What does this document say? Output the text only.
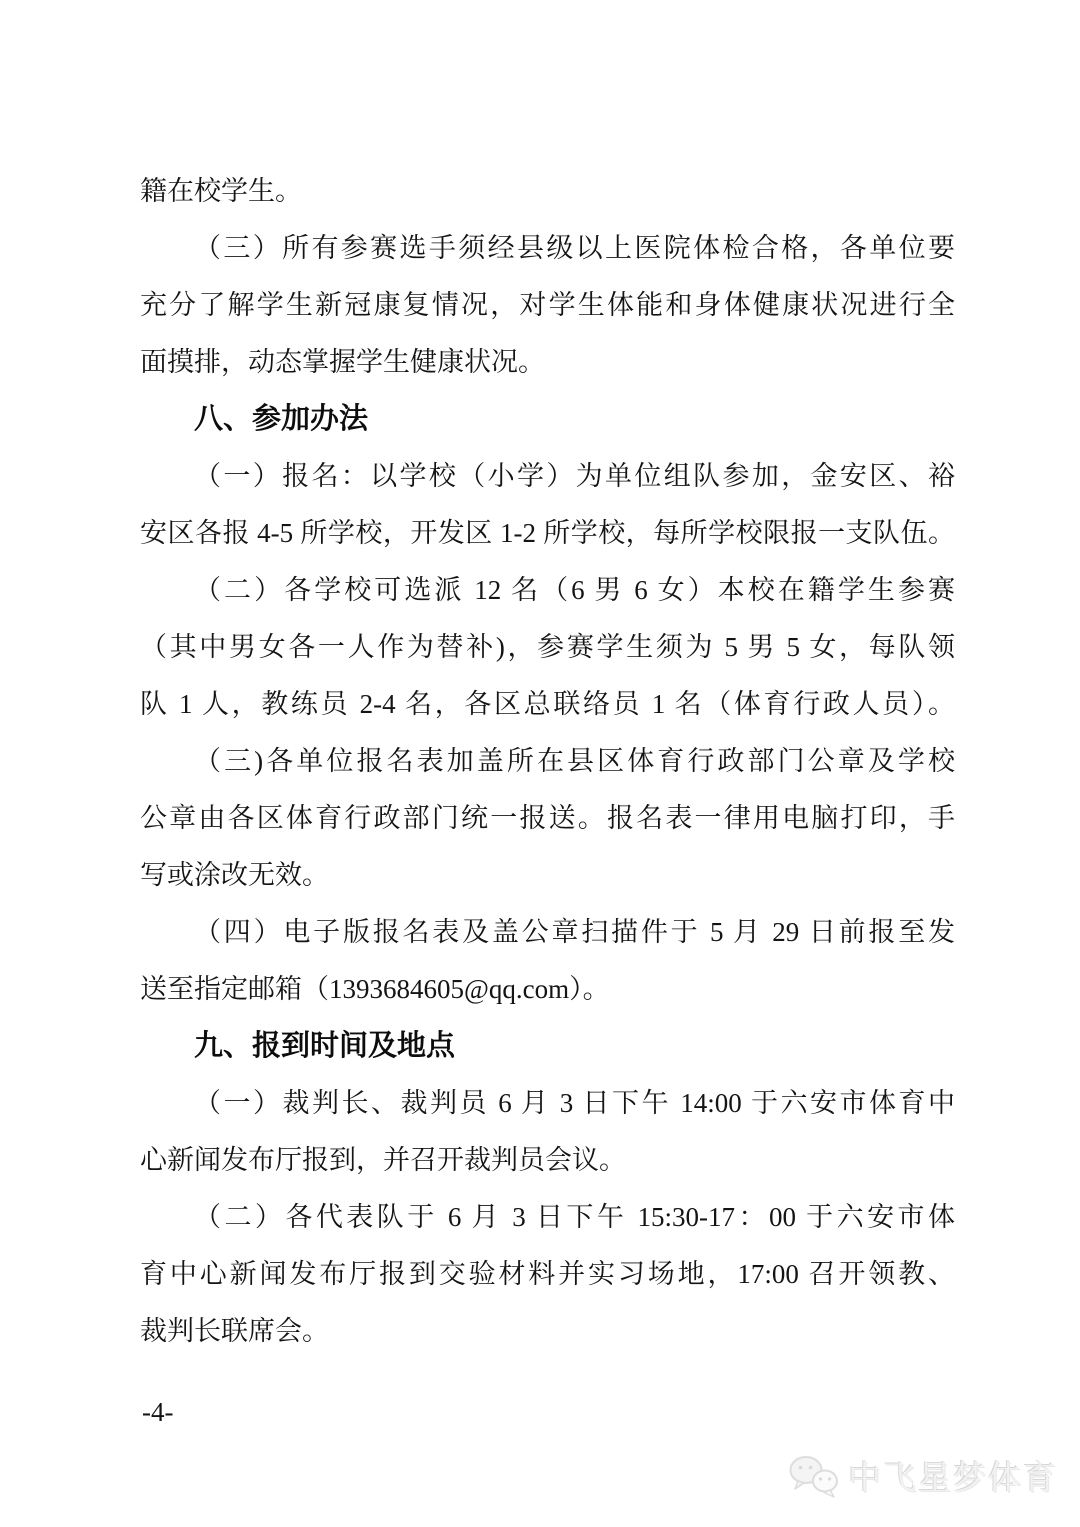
籍在校学生。
（三）所有参赛选手须经县级以上医院体检合格，各单位要
充分了解学生新冠康复情况，对学生体能和身体健康状况进行全
面摸排，动态掌握学生健康状况。
八、参加办法
（一）报名：以学校（小学）为单位组队参加，金安区、裕
安区各报 4-5 所学校，开发区 1-2 所学校，每所学校限报一支队伍。
（二）各学校可选派 12 名（6 男 6 女）本校在籍学生参赛
（其中男女各一人作为替补)，参赛学生须为 5 男 5 女，每队领
队 1 人，教练员 2-4 名，各区总联络员 1 名（体育行政人员）。
（三)各单位报名表加盖所在县区体育行政部门公章及学校
公章由各区体育行政部门统一报送。报名表一律用电脑打印，手
写或涂改无效。
（四）电子版报名表及盖公章扫描件于 5 月 29 日前报至发
送至指定邮箱（1393684605@qq.com）。
九、报到时间及地点
（一）裁判长、裁判员 6 月 3 日下午 14:00 于六安市体育中
心新闻发布厅报到，并召开裁判员会议。
（二）各代表队于 6 月 3 日下午 15:30-17：00 于六安市体
育中心新闻发布厅报到交验材料并实习场地，17:00 召开领教、
裁判长联席会。
-4-
中飞星梦体育
